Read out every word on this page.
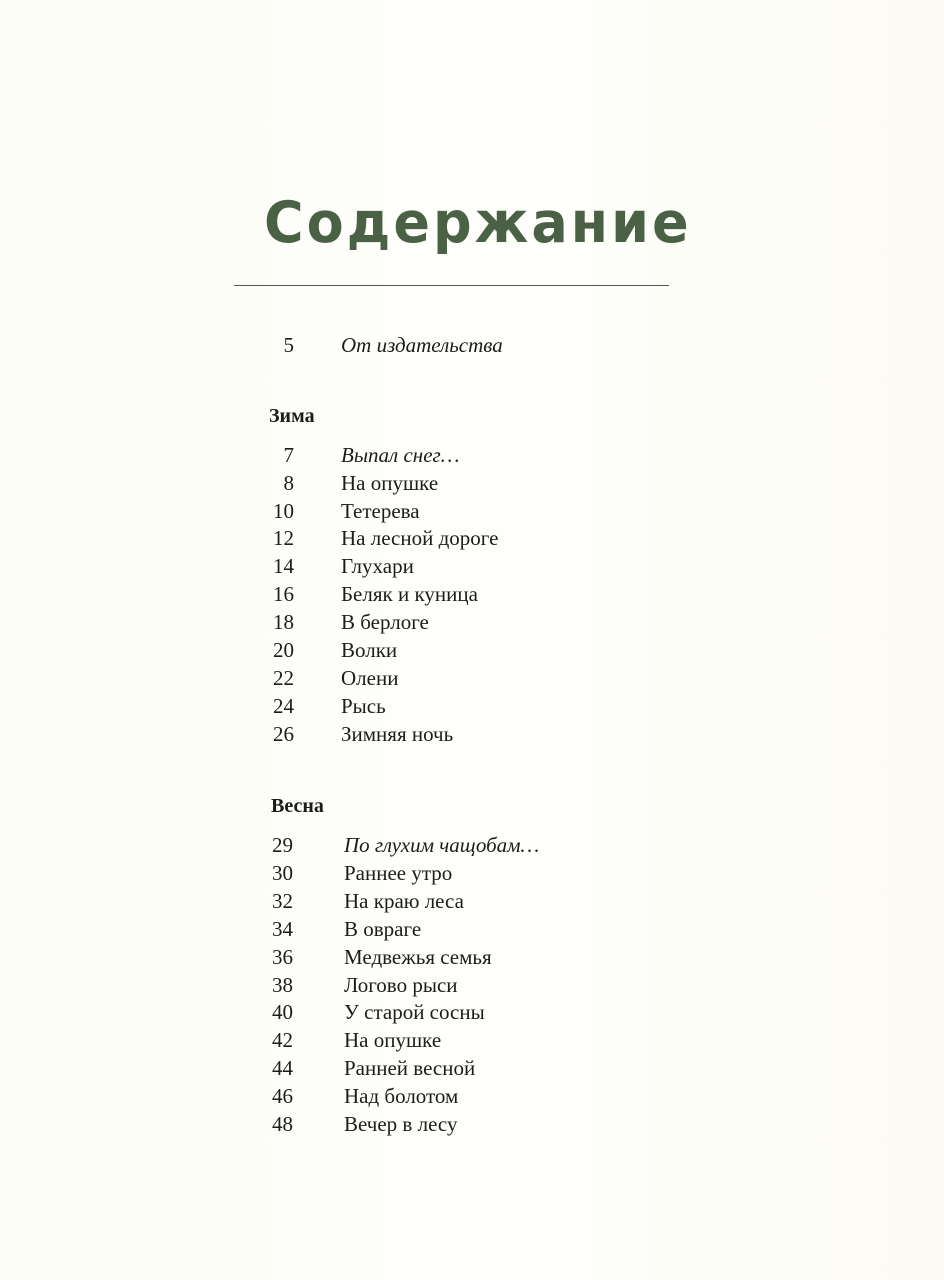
Содержание
5 От издательства
Зима
7 Выпал снег…
8 На опушке
10 Тетерева
12 На лесной дороге
14 Глухари
16 Беляк и куница
18 В берлоге
20 Волки
22 Олени
24 Рысь
26 Зимняя ночь
Весна
29	По глухим чащобам…
30	Раннее утро
32	На краю леса
34	В овраге
36	Медвежья семья
38	Логово рыси
40	У старой сосны
42	На опушке
44	Ранней весной
46	Над болотом
48	Вечер в лесу
